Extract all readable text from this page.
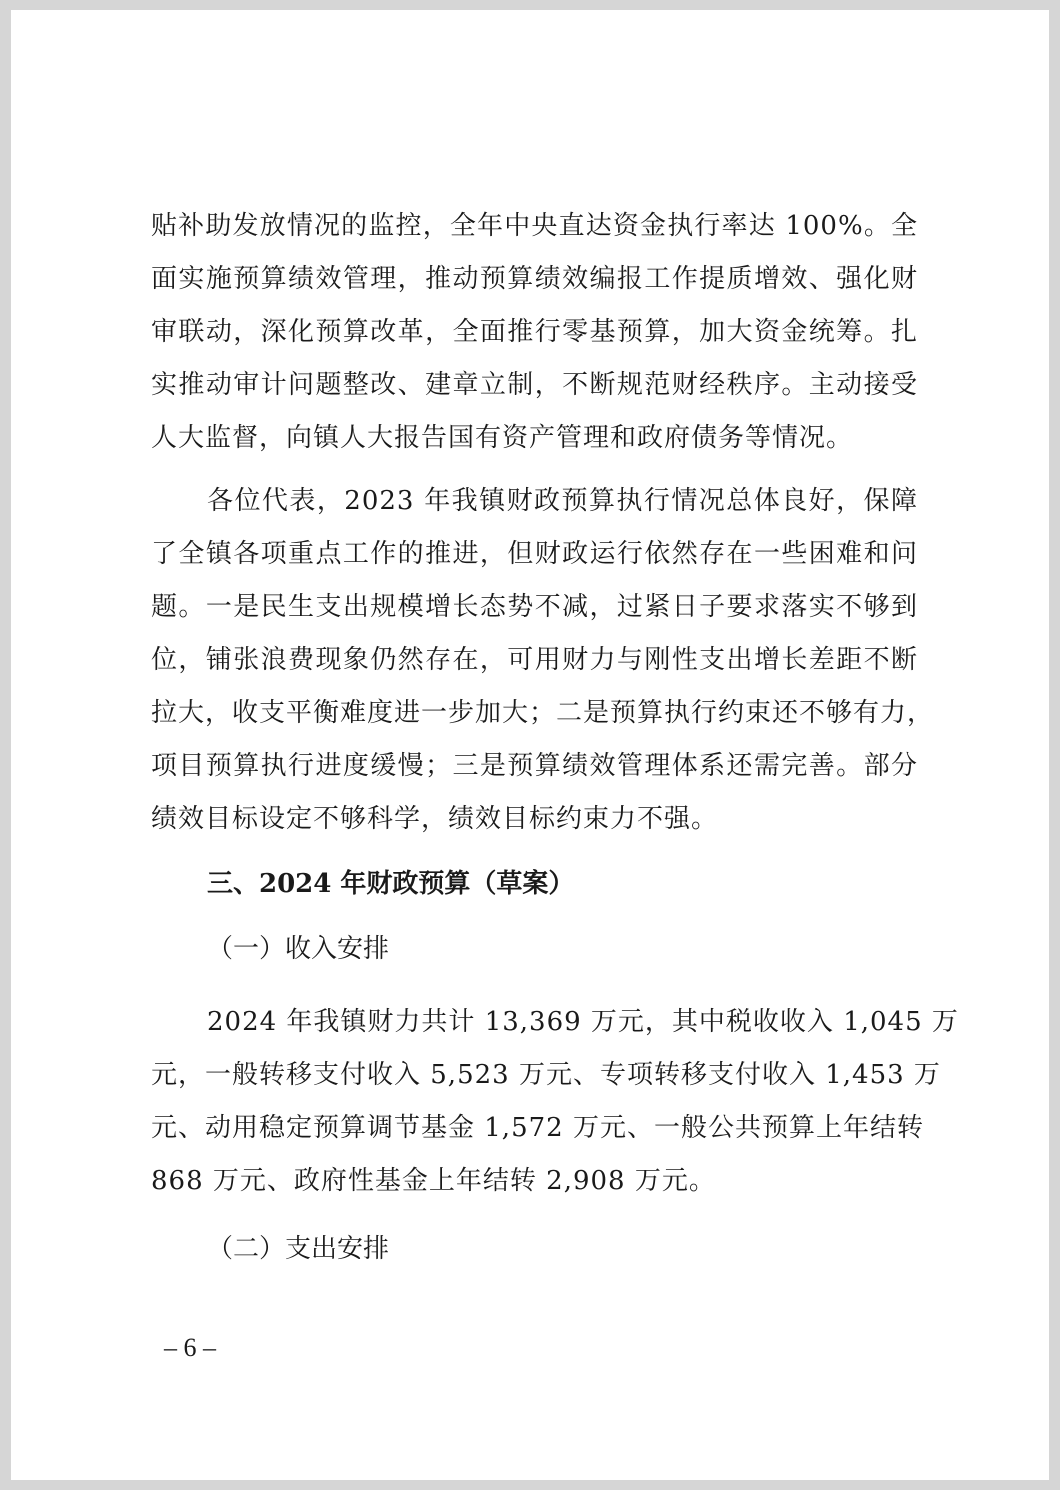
贴补助发放情况的监控，全年中央直达资金执行率达 100%。全
面实施预算绩效管理，推动预算绩效编报工作提质增效、强化财
审联动，深化预算改革，全面推行零基预算，加大资金统筹。扎
实推动审计问题整改、建章立制，不断规范财经秩序。主动接受
人大监督，向镇人大报告国有资产管理和政府债务等情况。
各位代表，2023 年我镇财政预算执行情况总体良好，保障
了全镇各项重点工作的推进，但财政运行依然存在一些困难和问
题。一是民生支出规模增长态势不减，过紧日子要求落实不够到
位，铺张浪费现象仍然存在，可用财力与刚性支出增长差距不断
拉大，收支平衡难度进一步加大；二是预算执行约束还不够有力，
项目预算执行进度缓慢；三是预算绩效管理体系还需完善。部分
绩效目标设定不够科学，绩效目标约束力不强。
三、2024 年财政预算（草案）
（一）收入安排
2024 年我镇财力共计 13,369 万元，其中税收收入 1,045 万
元，一般转移支付收入 5,523 万元、专项转移支付收入 1,453 万
元、动用稳定预算调节基金 1,572 万元、一般公共预算上年结转
868 万元、政府性基金上年结转 2,908 万元。
（二）支出安排
– 6 –
